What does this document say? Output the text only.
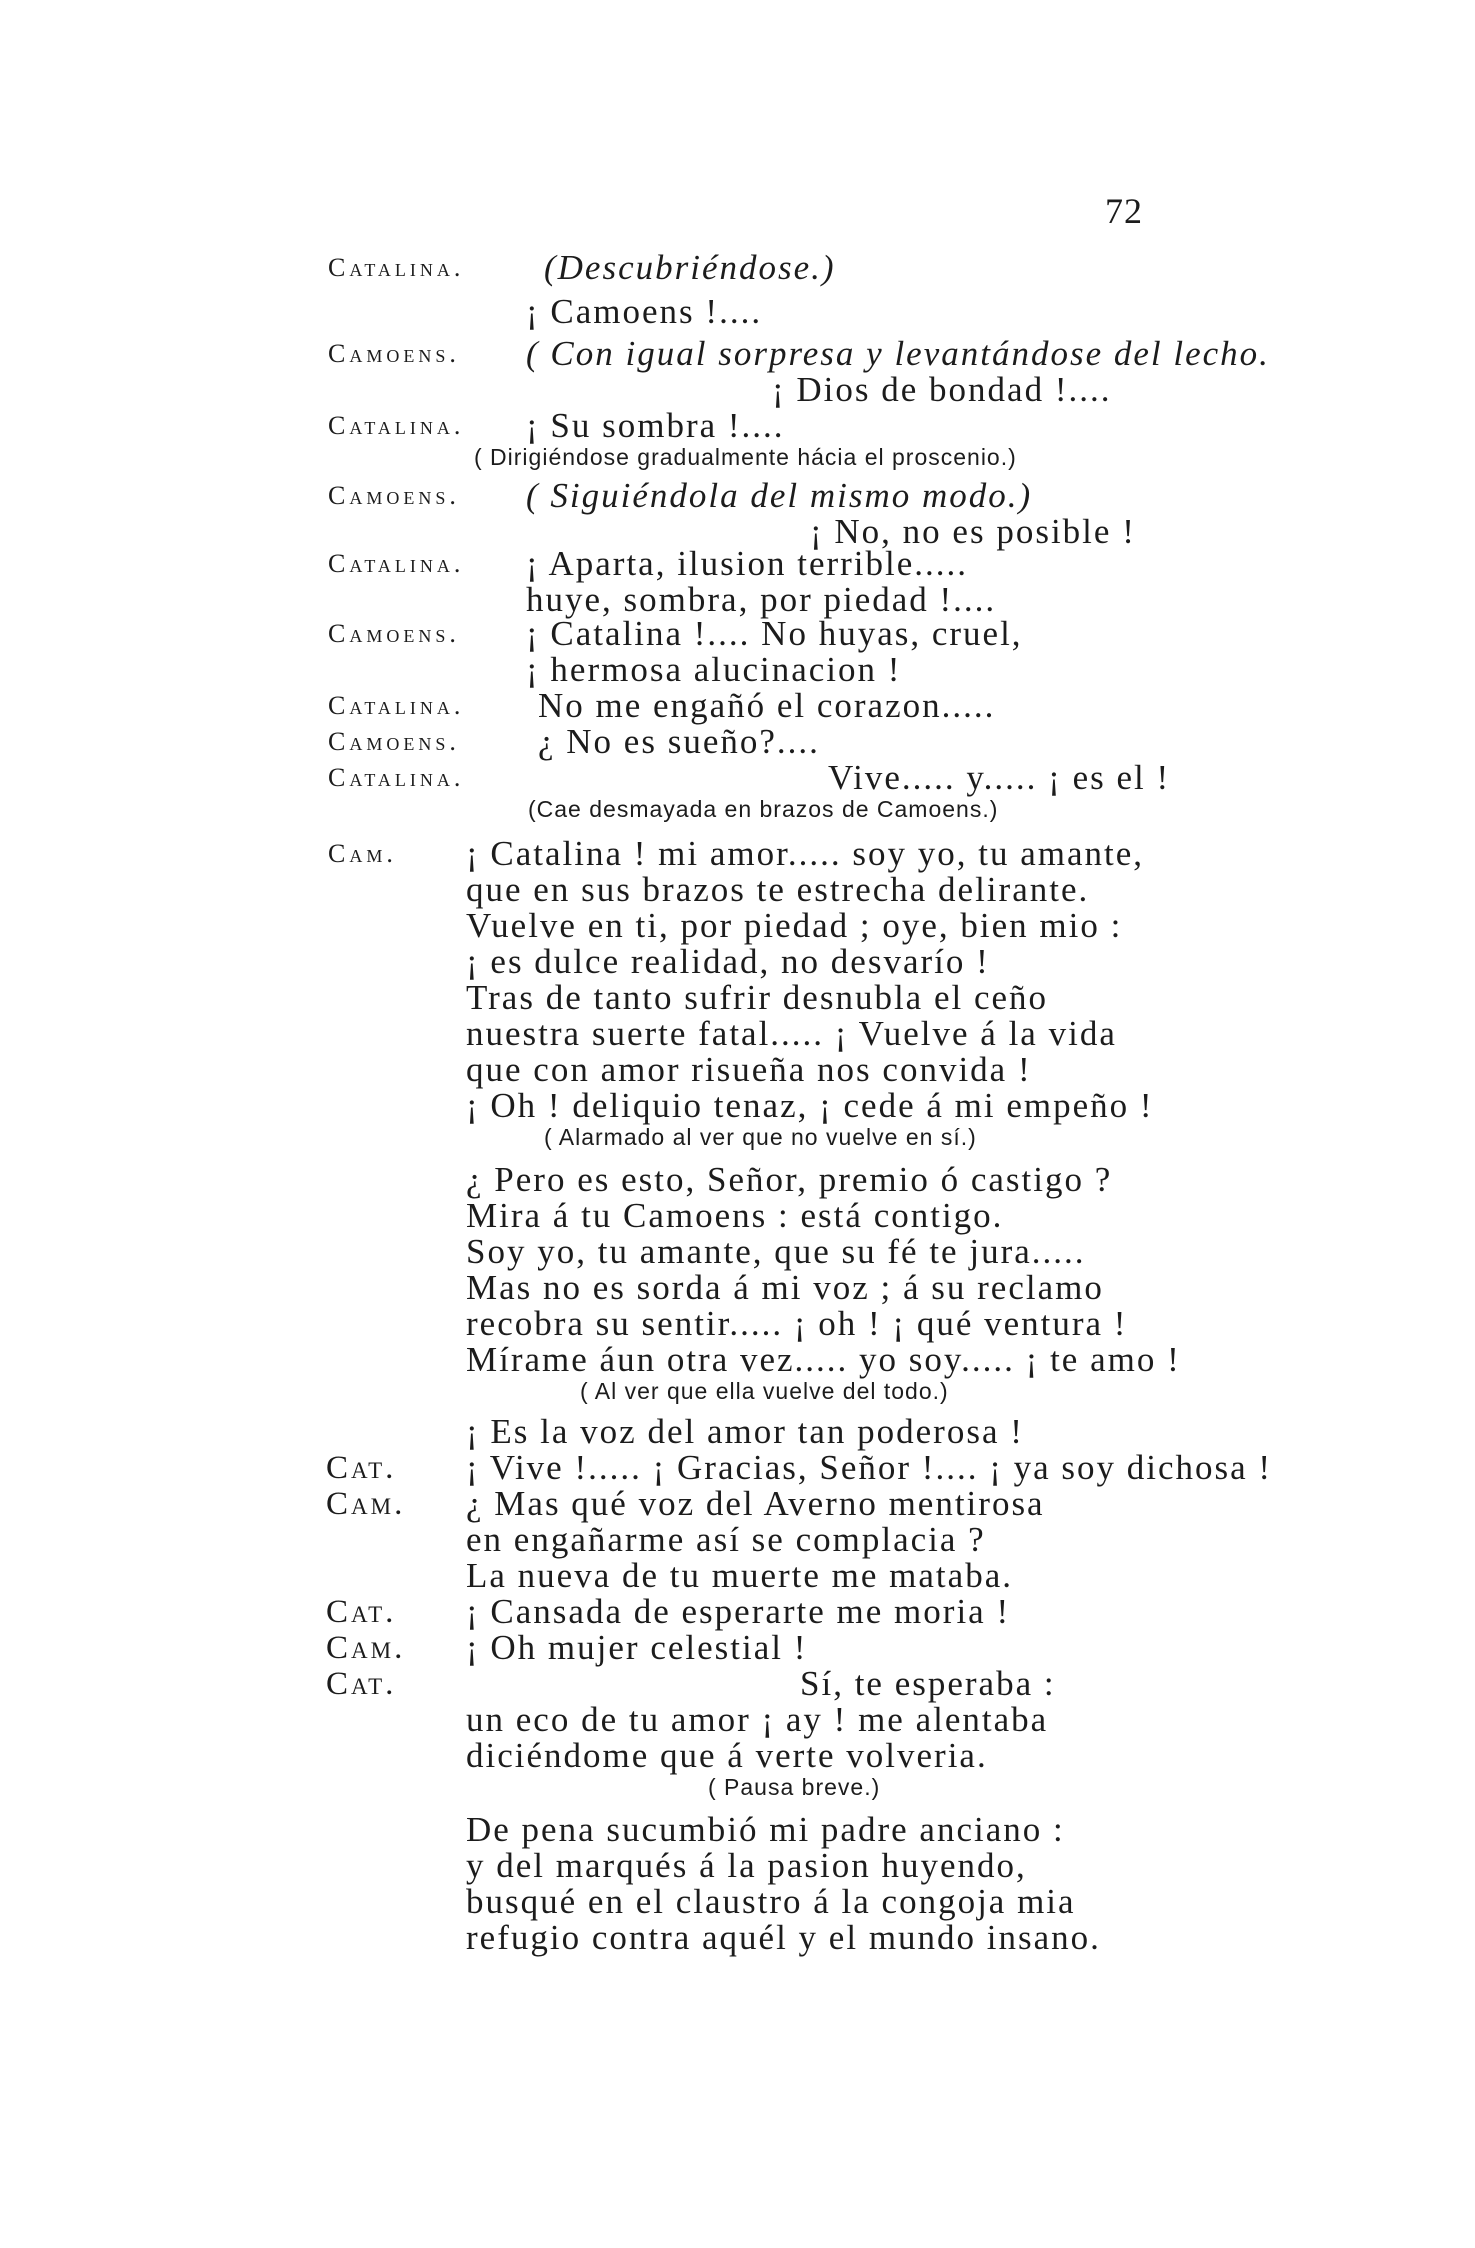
72
Catalina.
Camoens.
Catalina.
Camoens.
Catalina.
Camoens.
Catalina.
Camoens.
Catalina.
Cam.
Cat.
Cam.
Cat.
Cam.
Cat.
(Descubriéndose.)
¡ Camoens !....
( Con igual sorpresa y levantándose del lecho.
¡ Dios de bondad !....
¡ Su sombra !....
( Dirigiéndose gradualmente hácia el proscenio.)
( Siguiéndola del mismo modo.)
¡ No, no es posible !
¡ Aparta, ilusion terrible.....
huye, sombra, por piedad !....
¡ Catalina !.... No huyas, cruel,
¡ hermosa alucinacion !
No me engañó el corazon.....
¿ No es sueño?....
Vive..... y..... ¡ es el !
(Cae desmayada en brazos de Camoens.)
¡ Catalina ! mi amor..... soy yo, tu amante,
que en sus brazos te estrecha delirante.
Vuelve en ti, por piedad ; oye, bien mio :
¡ es dulce realidad, no desvarío !
Tras de tanto sufrir desnubla el ceño
nuestra suerte fatal..... ¡ Vuelve á la vida
que con amor risueña nos convida !
¡ Oh ! deliquio tenaz, ¡ cede á mi empeño !
( Alarmado al ver que no vuelve en sí.)
¿ Pero es esto, Señor, premio ó castigo ?
Mira á tu Camoens : está contigo.
Soy yo, tu amante, que su fé te jura.....
Mas no es sorda á mi voz ; á su reclamo
recobra su sentir..... ¡ oh ! ¡ qué ventura !
Mírame áun otra vez..... yo soy..... ¡ te amo !
( Al ver que ella vuelve del todo.)
¡ Es la voz del amor tan poderosa !
¡ Vive !..... ¡ Gracias, Señor !.... ¡ ya soy dichosa !
¿ Mas qué voz del Averno mentirosa
en engañarme así se complacia ?
La nueva de tu muerte me mataba.
¡ Cansada de esperarte me moria !
¡ Oh mujer celestial !
Sí, te esperaba :
un eco de tu amor ¡ ay ! me alentaba
diciéndome que á verte volveria.
( Pausa breve.)
De pena sucumbió mi padre anciano :
y del marqués á la pasion huyendo,
busqué en el claustro á la congoja mia
refugio contra aquél y el mundo insano.
